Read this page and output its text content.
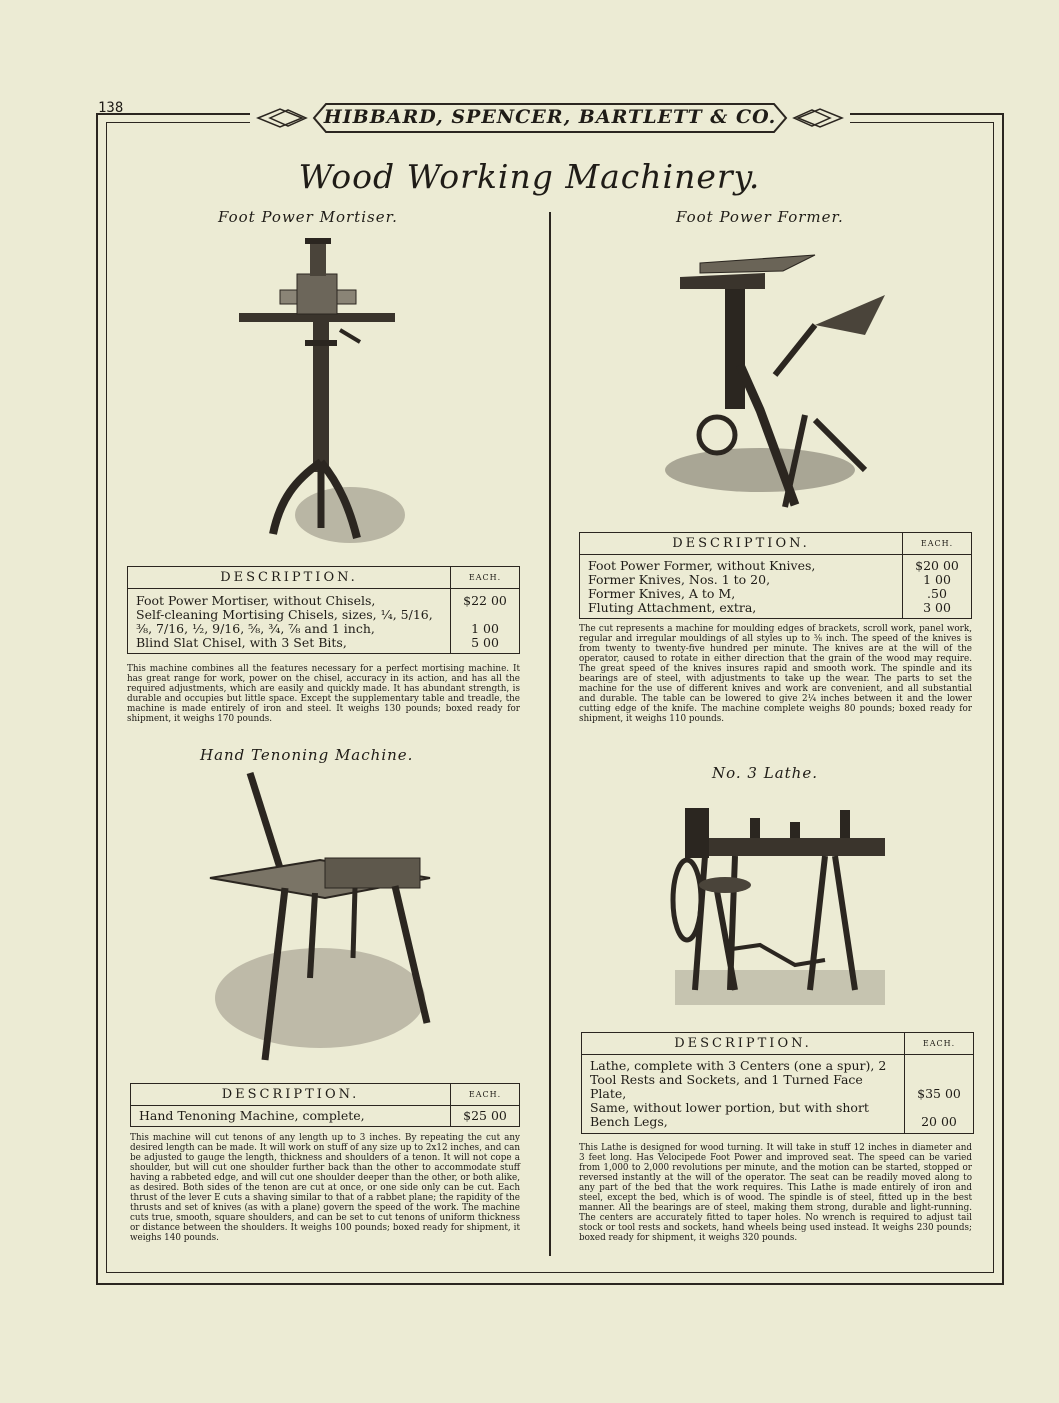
138	HIBBARD, SPENCER, BARTLETT & CO.
Wood Working Machinery.
Foot Power Mortiser.
DESCRIPTION.	EACH.
Foot Power Mortiser, without Chisels,	$22 00
Self-cleaning Mortising Chisels, sizes, ¼, 5/16, ⅜, 7/16, ½, 9/16, ⅝, ¾, ⅞ and 1 inch,	1 00
Blind Slat Chisel, with 3 Set Bits,	5 00

This machine combines all the features necessary for a perfect mortising machine. It has great range for work, power on the chisel, accuracy in its action, and has all the required adjustments, which are easily and quickly made. It has abundant strength, is durable and occupies but little space. Except the supplementary table and treadle, the machine is made entirely of iron and steel. It weighs 130 pounds; boxed ready for shipment, it weighs 170 pounds.

Hand Tenoning Machine.
DESCRIPTION.	EACH.
Hand Tenoning Machine, complete,	$25 00

This machine will cut tenons of any length up to 3 inches. By repeating the cut any desired length can be made. It will work on stuff of any size up to 2x12 inches, and can be adjusted to gauge the length, thickness and shoulders of a tenon. It will not cope a shoulder, but will cut one shoulder further back than the other to accommodate stuff having a rabbeted edge, and will cut one shoulder deeper than the other, or both alike, as desired. Both sides of the tenon are cut at once, or one side only can be cut. Each thrust of the lever E cuts a shaving similar to that of a rabbet plane; the rapidity of the thrusts and set of knives (as with a plane) govern the speed of the work. The machine cuts true, smooth, square shoulders, and can be set to cut tenons of uniform thickness or distance between the shoulders. It weighs 100 pounds; boxed ready for shipment, it weighs 140 pounds.

Foot Power Former.
DESCRIPTION.	EACH.
Foot Power Former, without Knives,	$20 00
Former Knives, Nos. 1 to 20,	1 00
Former Knives, A to M,	.50
Fluting Attachment, extra,	3 00

The cut represents a machine for moulding edges of brackets, scroll work, panel work, regular and irregular mouldings of all styles up to ⅜ inch. The speed of the knives is from twenty to twenty-five hundred per minute. The knives are at the will of the operator, caused to rotate in either direction that the grain of the wood may require. The great speed of the knives insures rapid and smooth work. The spindle and its bearings are of steel, with adjustments to take up the wear. The parts to set the machine for the use of different knives and work are convenient, and all substantial and durable. The table can be lowered to give 2¼ inches between it and the lower cutting edge of the knife. The machine complete weighs 80 pounds; boxed ready for shipment, it weighs 110 pounds.

No. 3 Lathe.
DESCRIPTION.	EACH.
Lathe, complete with 3 Centers (one a spur), 2 Tool Rests and Sockets, and 1 Turned Face Plate,	$35 00
Same, without lower portion, but with short Bench Legs,	20 00

This Lathe is designed for wood turning. It will take in stuff 12 inches in diameter and 3 feet long. Has Velocipede Foot Power and improved seat. The speed can be varied from 1,000 to 2,000 revolutions per minute, and the motion can be started, stopped or reversed instantly at the will of the operator. The seat can be readily moved along to any part of the bed that the work requires. This Lathe is made entirely of iron and steel, except the bed, which is of wood. The spindle is of steel, fitted up in the best manner. All the bearings are of steel, making them strong, durable and light-running. The centers are accurately fitted to taper holes. No wrench is required to adjust tail stock or tool rests and sockets, hand wheels being used instead. It weighs 230 pounds; boxed ready for shipment, it weighs 320 pounds.
